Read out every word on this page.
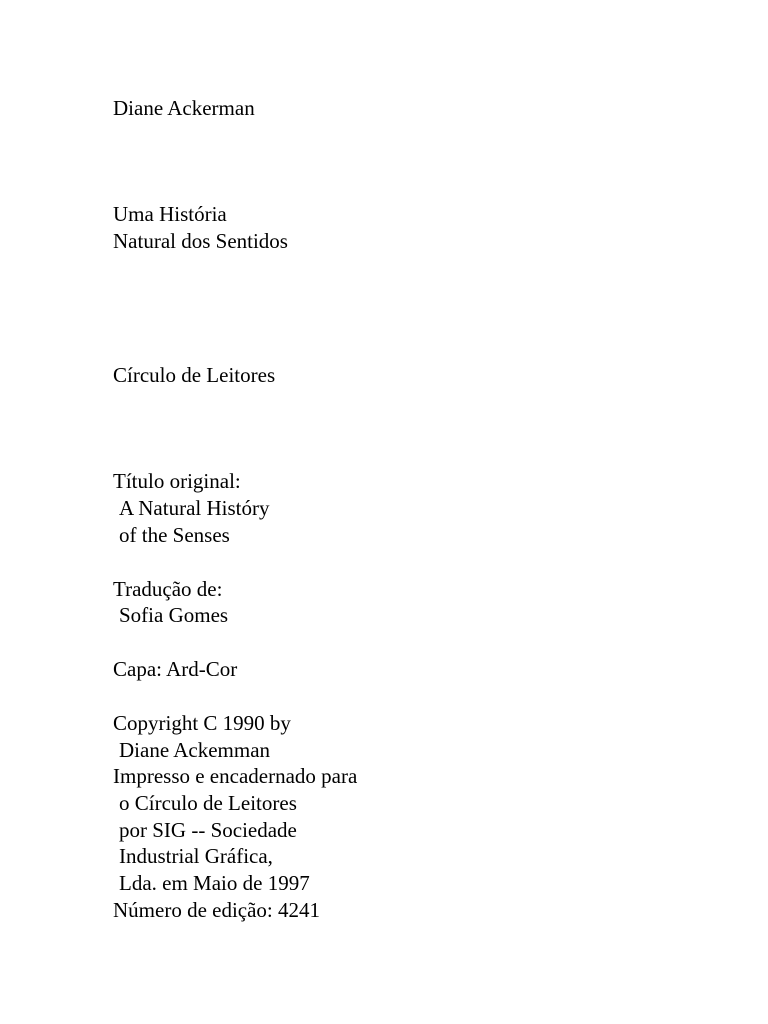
Diane Ackerman

Uma História

Natural dos Sentidos

Círculo de Leitores

Título original:

A Natural Históry

of the Senses

Tradução de:

Sofia Gomes

Capa: Ard-Cor

Copyright C 1990 by

Diane Ackemman

Impresso e encadernado para

o Círculo de Leitores

por SIG -- Sociedade

Industrial Gráfica,

Lda. em Maio de 1997

Número de edição: 4241
